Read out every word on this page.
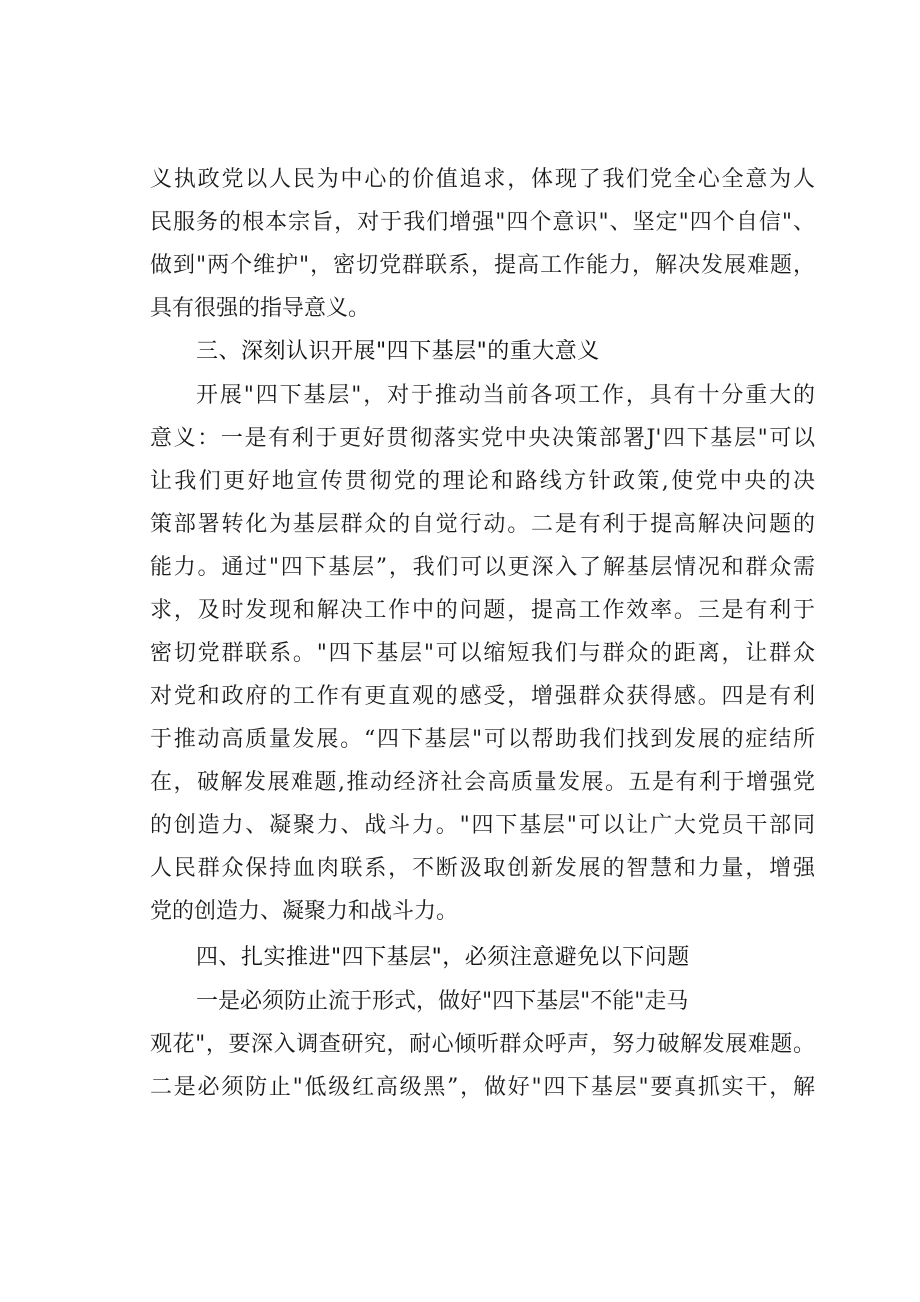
义执政党以人民为中心的价值追求，体现了我们党全心全意为人
民服务的根本宗旨，对于我们增强"四个意识"、坚定"四个自信"、
做到"两个维护"，密切党群联系，提高工作能力，解决发展难题，
具有很强的指导意义。
三、深刻认识开展"四下基层"的重大意义
开展"四下基层"，对于推动当前各项工作，具有十分重大的
意义：一是有利于更好贯彻落实党中央决策部署J'四下基层"可以
让我们更好地宣传贯彻党的理论和路线方针政策,使党中央的决
策部署转化为基层群众的自觉行动。二是有利于提高解决问题的
能力。通过"四下基层”，我们可以更深入了解基层情况和群众需
求，及时发现和解决工作中的问题，提高工作效率。三是有利于
密切党群联系。"四下基层"可以缩短我们与群众的距离，让群众
对党和政府的工作有更直观的感受，增强群众获得感。四是有利
于推动高质量发展。“四下基层"可以帮助我们找到发展的症结所
在，破解发展难题,推动经济社会高质量发展。五是有利于增强党
的创造力、凝聚力、战斗力。"四下基层"可以让广大党员干部同
人民群众保持血肉联系，不断汲取创新发展的智慧和力量，增强
党的创造力、凝聚力和战斗力。
四、扎实推进"四下基层"，必须注意避免以下问题
一是必须防止流于形式，做好"四下基层"不能"走马
观花"，要深入调查研究，耐心倾听群众呼声，努力破解发展难题。
二是必须防止"低级红高级黑”，做好"四下基层"要真抓实干，解
